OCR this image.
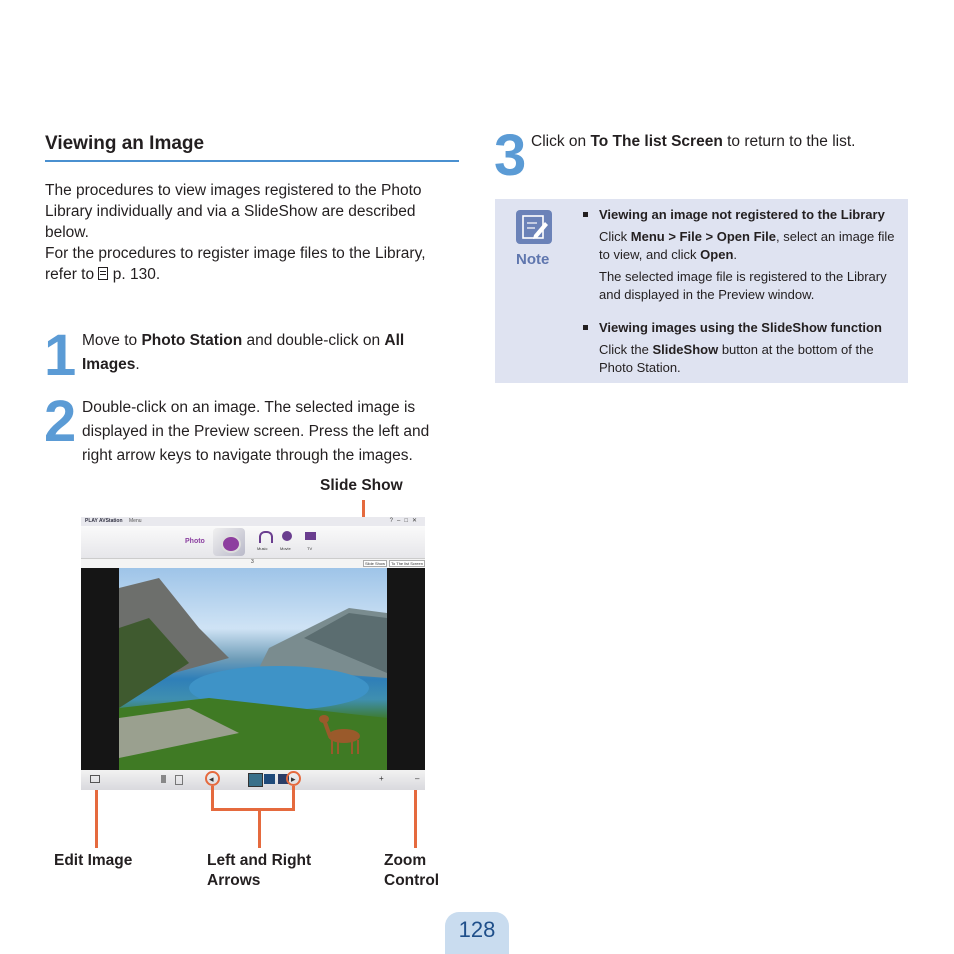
Viewing an Image

The procedures to view images registered to the Photo Library individually and via a SlideShow are described below.

For the procedures to register image files to the Library, refer to
p. 130.

1 Move to Photo Station and double-click on All Images.
2 Double-click on an image. The selected image is displayed in the Preview screen. Press the left and right arrow keys to navigate through the images.
3 Click on To The list Screen to return to the list.
Note
Viewing an image not registered to the Library

Click Menu > File > Open File, select an image file to view, and click Open.

The selected image file is registered to the Library and displayed in the Preview window.

Viewing images using the SlideShow function

Click the SlideShow button at the bottom of the Photo Station.

Slide Show
PLAY AVStation Menu	?–□✕
Photo
Music	Movie	TV
3	Slide Show	To The list Screen
◂	▸	+	–
Edit Image	Left and Right
Arrows
Zoom
Control
128
